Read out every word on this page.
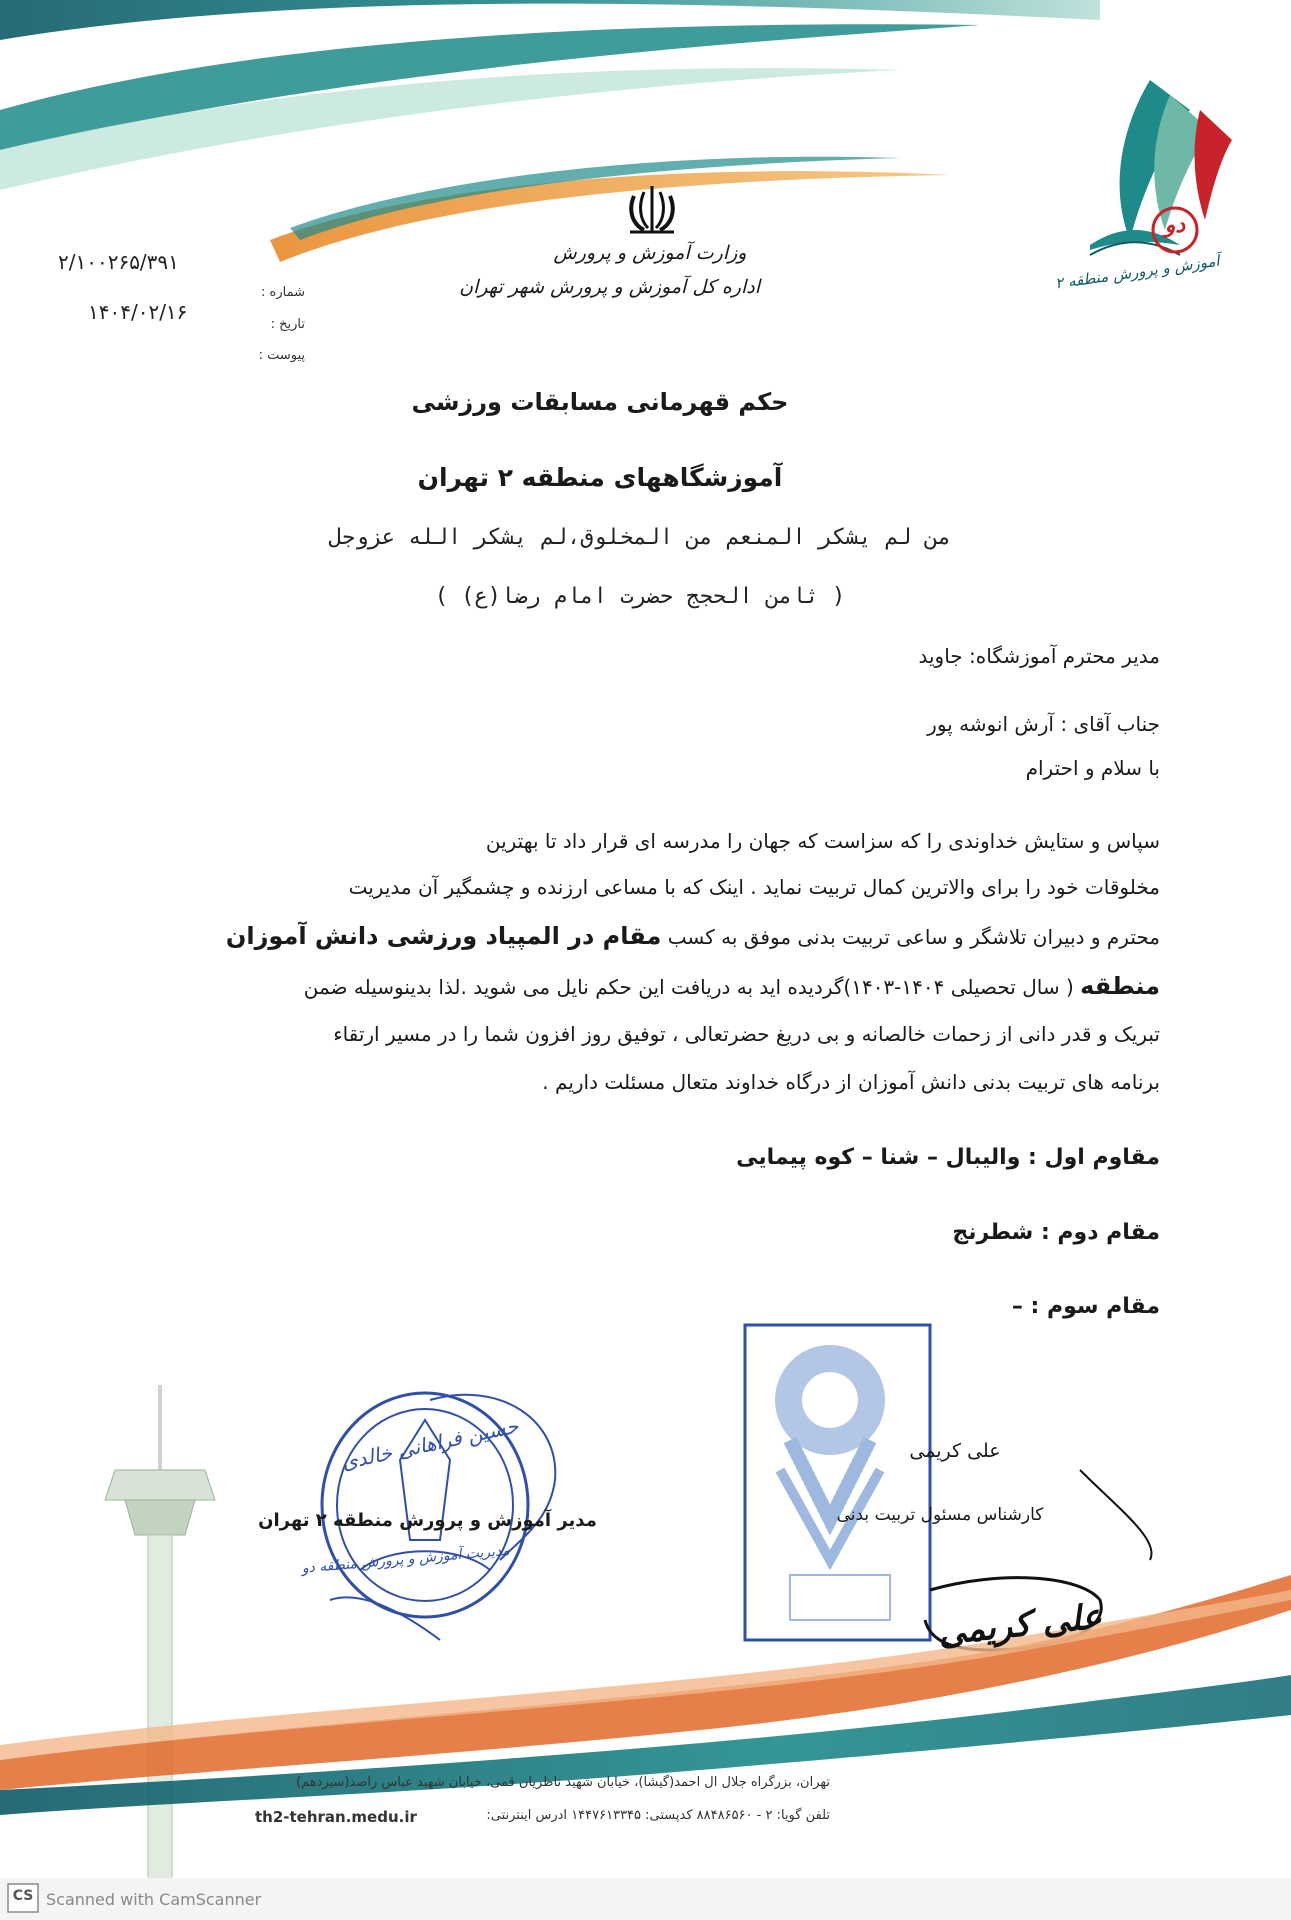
وزارت آموزش و پرورش
اداره کل آموزش و پرورش شهر تهران	آموزش و پرورش منطقه ۲
دو
شماره :
تاریخ :
پیوست :
۲/۱۰۰۲۶۵/۳۹۱
۱۴۰۴/۰۲/۱۶
حکم قهرمانی مسابقات ورزشی
آموزشگاههای منطقه ۲ تهران
من لم یشکر المنعم من المخلوق،لم یشکر الله عزوجل
( ثامن الحجج حضرت امام رضا(ع) )
مدیر محترم آموزشگاه: جاوید
جناب آقای : آرش انوشه پور
با سلام و احترام
سپاس و ستایش خداوندی را که سزاست که جهان را مدرسه ای قرار داد تا بهترین
مخلوقات خود را برای والاترین کمال تربیت نماید . اینک که با مساعی ارزنده و چشمگیر آن مدیریت
محترم و دبیران تلاشگر و ساعی تربیت بدنی موفق به کسب مقام در المپیاد ورزشی دانش آموزان
منطقه ( سال تحصیلی ۱۴۰۴-۱۴۰۳)گردیده اید به دریافت این حکم نایل می شوید .لذا بدینوسیله ضمن
تبریک و قدر دانی از زحمات خالصانه و بی دریغ حضرتعالی ، توفیق روز افزون شما را در مسیر ارتقاء
برنامه های تربیت بدنی دانش آموزان از درگاه خداوند متعال مسئلت داریم .
مقاوم اول : والیبال – شنا – کوه پیمایی
مقام دوم : شطرنج
مقام سوم : –
حسین فراهانی خالدی
مدیر آموزش و پرورش منطقه ۲ تهران
مدیریت آموزش و پرورش منطقه دو
علی کریمی
کارشناس مسئول تربیت بدنی
علی کریمی
تهران، بزرگراه جلال ال احمد(گیشا)، خیابان شهید ناظریان قمی، خیابان شهید عباس راصد(سیزدهم)
تلفن گویا: ۲ - ۸۸۴۸۶۵۶۰ کدپستی: ۱۴۴۷۶۱۳۳۴۵ ادرس اینترنتی:
th2-tehran.medu.ir
CS Scanned with CamScanner
